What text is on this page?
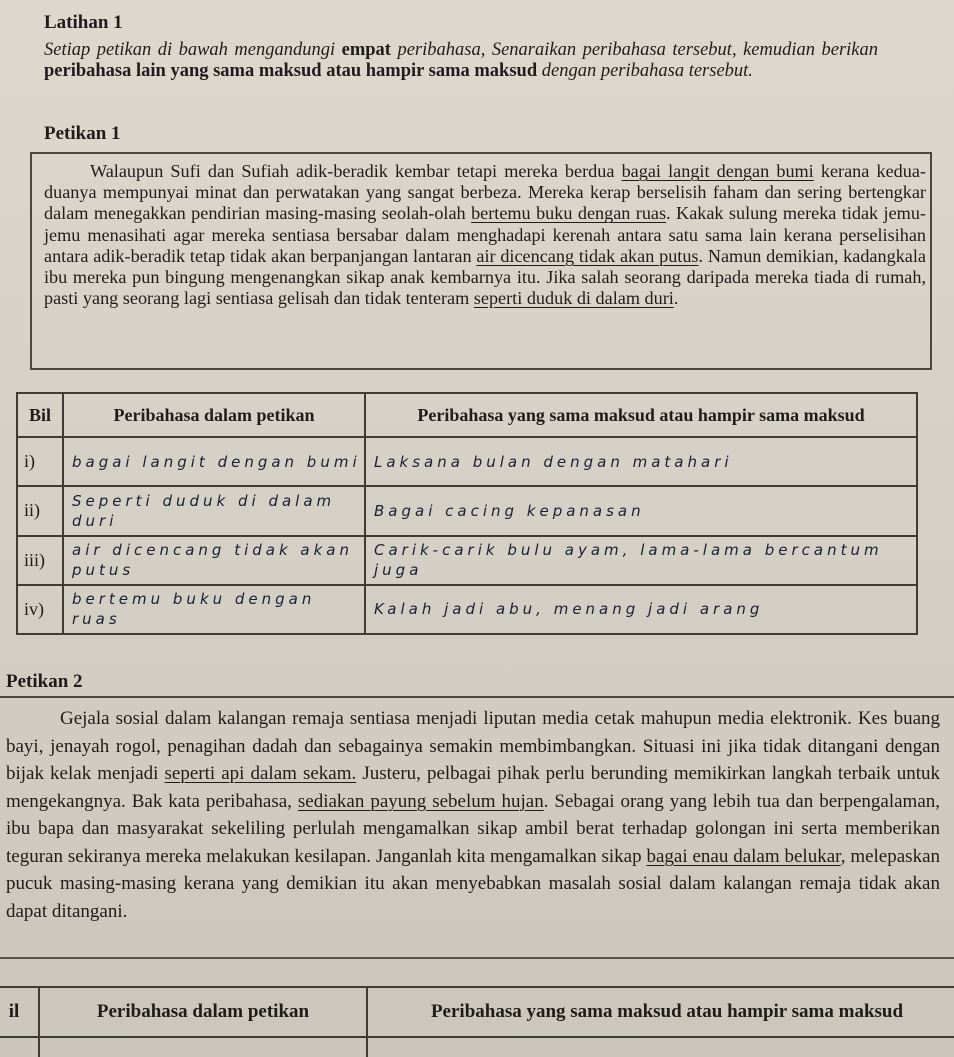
Latihan 1
Setiap petikan di bawah mengandungi empat peribahasa, Senaraikan peribahasa tersebut, kemudian berikan peribahasa lain yang sama maksud atau hampir sama maksud dengan peribahasa tersebut.
Petikan 1

Walaupun Sufi dan Sufiah adik-beradik kembar tetapi mereka berdua bagai langit dengan bumi kerana kedua-duanya mempunyai minat dan perwatakan yang sangat berbeza. Mereka kerap berselisih faham dan sering bertengkar dalam menegakkan pendirian masing-masing seolah-olah bertemu buku dengan ruas. Kakak sulung mereka tidak jemu-jemu menasihati agar mereka sentiasa bersabar dalam menghadapi kerenah antara satu sama lain kerana perselisihan antara adik-beradik tetap tidak akan berpanjangan lantaran air dicencang tidak akan putus. Namun demikian, kadangkala ibu mereka pun bingung mengenangkan sikap anak kembarnya itu. Jika salah seorang daripada mereka tiada di rumah, pasti yang seorang lagi sentiasa gelisah dan tidak tenteram seperti duduk di dalam duri.

Bil	Peribahasa dalam petikan	Peribahasa yang sama maksud atau hampir sama maksud
i)	bagai langit dengan bumi	Laksana bulan dengan matahari
ii)	Seperti duduk di dalam duri	Bagai cacing kepanasan
iii)	air dicencang tidak akan putus	Carik-carik bulu ayam, lama-lama bercantum juga
iv)	bertemu buku dengan ruas	Kalah jadi abu, menang jadi arang
Petikan 2

Gejala sosial dalam kalangan remaja sentiasa menjadi liputan media cetak mahupun media elektronik. Kes buang bayi, jenayah rogol, penagihan dadah dan sebagainya semakin membimbangkan. Situasi ini jika tidak ditangani dengan bijak kelak menjadi seperti api dalam sekam. Justeru, pelbagai pihak perlu berunding memikirkan langkah terbaik untuk mengekangnya. Bak kata peribahasa, sediakan payung sebelum hujan. Sebagai orang yang lebih tua dan berpengalaman, ibu bapa dan masyarakat sekeliling perlulah mengamalkan sikap ambil berat terhadap golongan ini serta memberikan teguran sekiranya mereka melakukan kesilapan. Janganlah kita mengamalkan sikap bagai enau dalam belukar, melepaskan pucuk masing-masing kerana yang demikian itu akan menyebabkan masalah sosial dalam kalangan remaja tidak akan dapat ditangani.

il	Peribahasa dalam petikan	Peribahasa yang sama maksud atau hampir sama maksud
